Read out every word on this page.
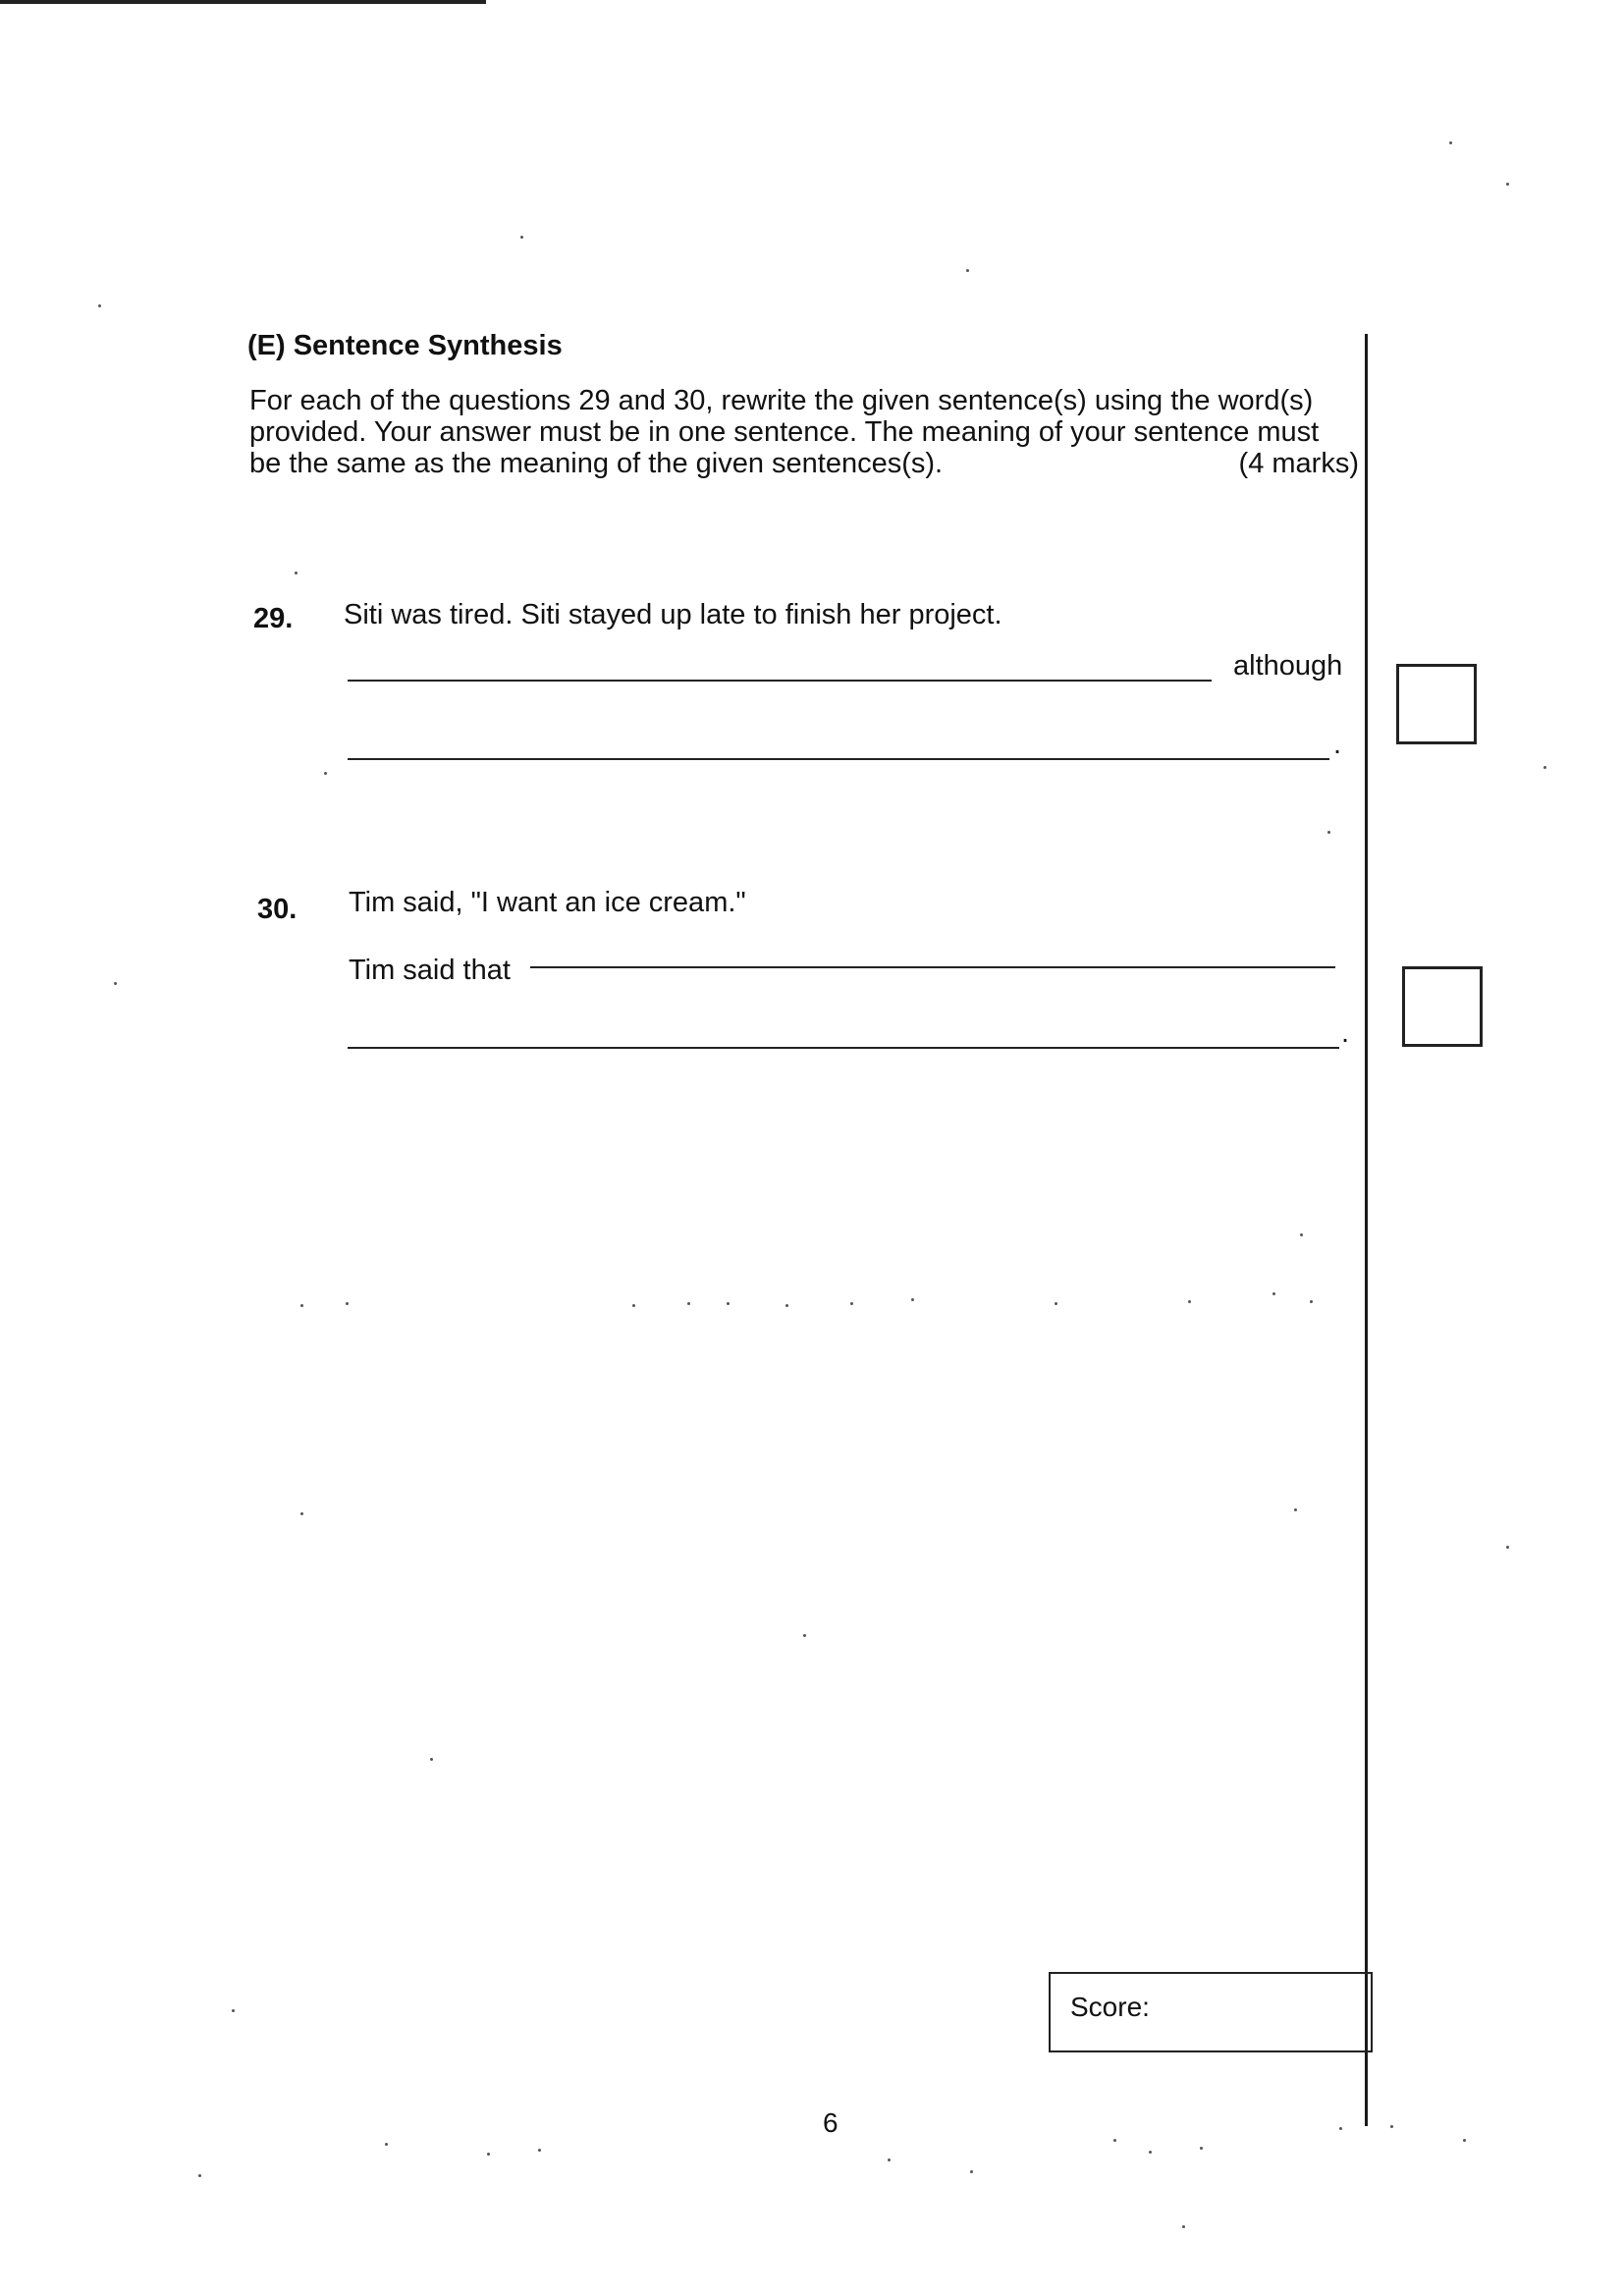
(E) Sentence Synthesis

For each of the questions 29 and 30, rewrite the given sentence(s) using the word(s)

provided. Your answer must be in one sentence. The meaning of your sentence must

be the same as the meaning of the given sentences(s).	(4 marks)

29. Siti was tired. Siti stayed up late to finish her project.
although
.
30. Tim said, "I want an ice cream."
Tim said that
.
Score:
6
